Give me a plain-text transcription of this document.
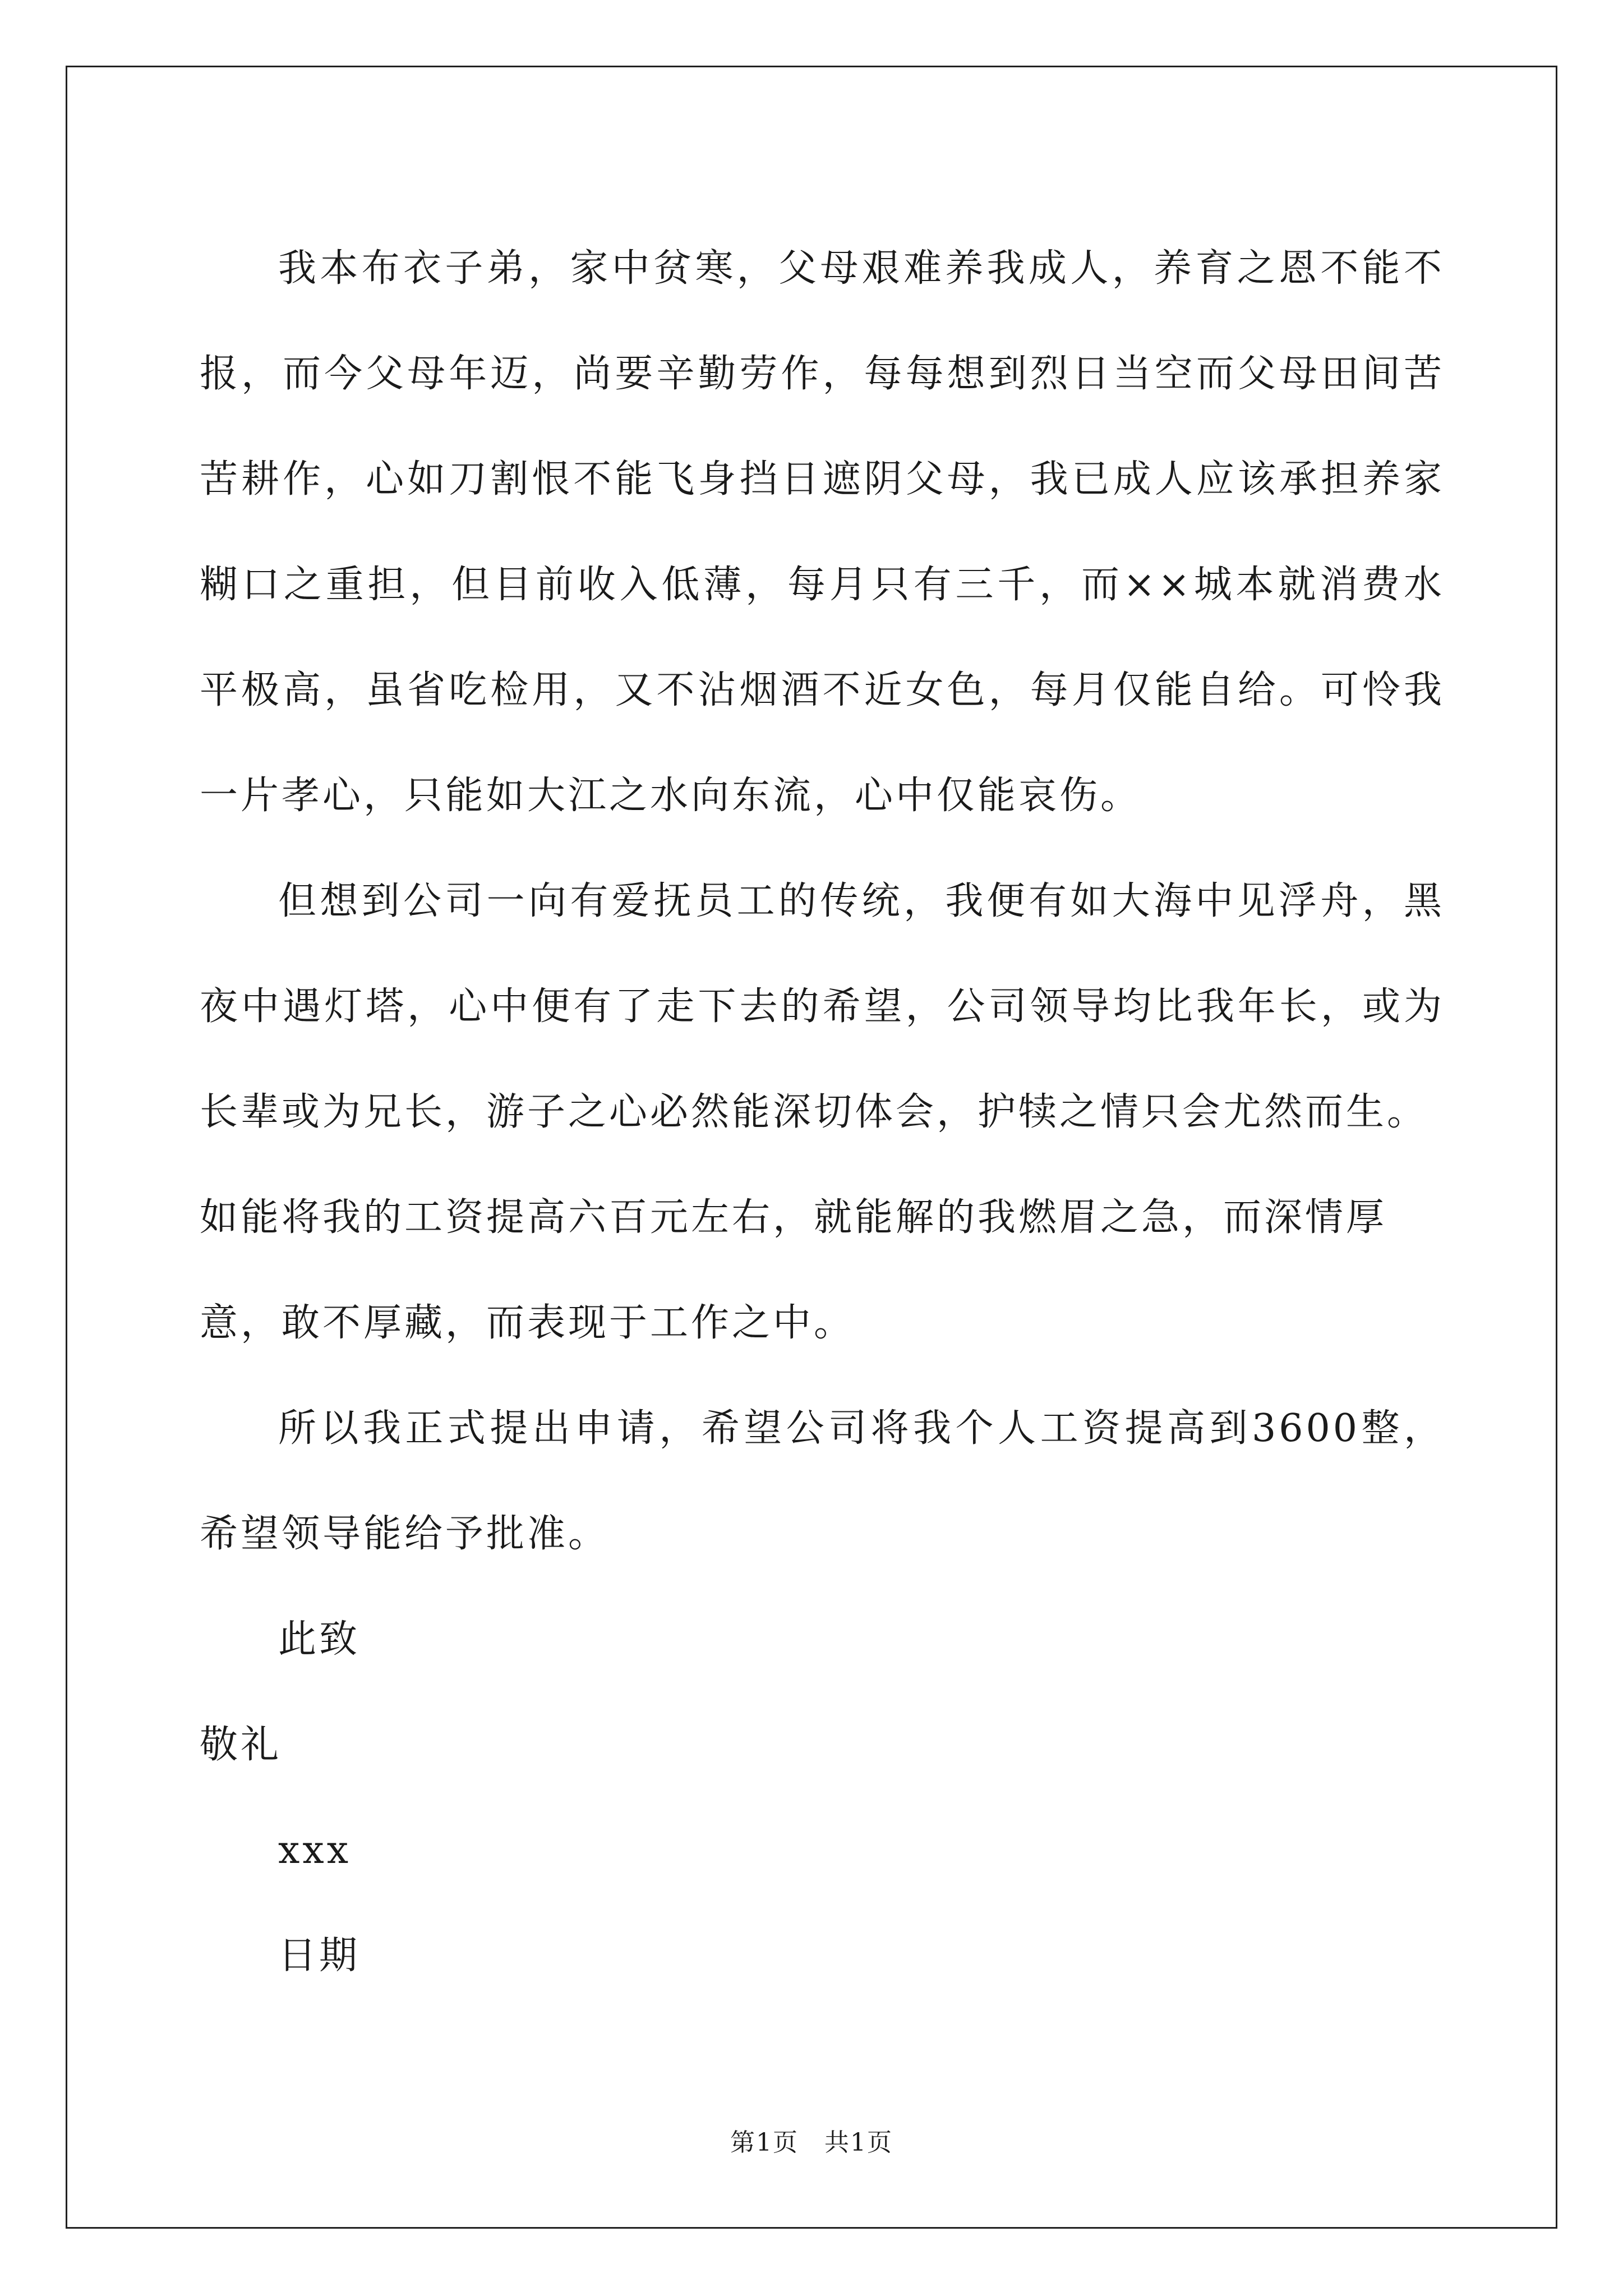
我本布衣子弟，家中贫寒，父母艰难养我成人，养育之恩不能不报，而今父母年迈，尚要辛勤劳作，每每想到烈日当空而父母田间苦苦耕作，心如刀割恨不能飞身挡日遮阴父母，我已成人应该承担养家糊口之重担，但目前收入低薄，每月只有三千，而××城本就消费水平极高，虽省吃检用，又不沾烟酒不近女色，每月仅能自给。可怜我一片孝心，只能如大江之水向东流，心中仅能哀伤。

但想到公司一向有爱抚员工的传统，我便有如大海中见浮舟，黑夜中遇灯塔，心中便有了走下去的希望，公司领导均比我年长，或为长辈或为兄长，游子之心必然能深切体会，护犊之情只会尤然而生。

如能将我的工资提高六百元左右，就能解的我燃眉之急，而深情厚意，敢不厚藏，而表现于工作之中。

所以我正式提出申请，希望公司将我个人工资提高到3600整，希望领导能给予批准。

此致

敬礼

xxx

日期

第1页　共1页
